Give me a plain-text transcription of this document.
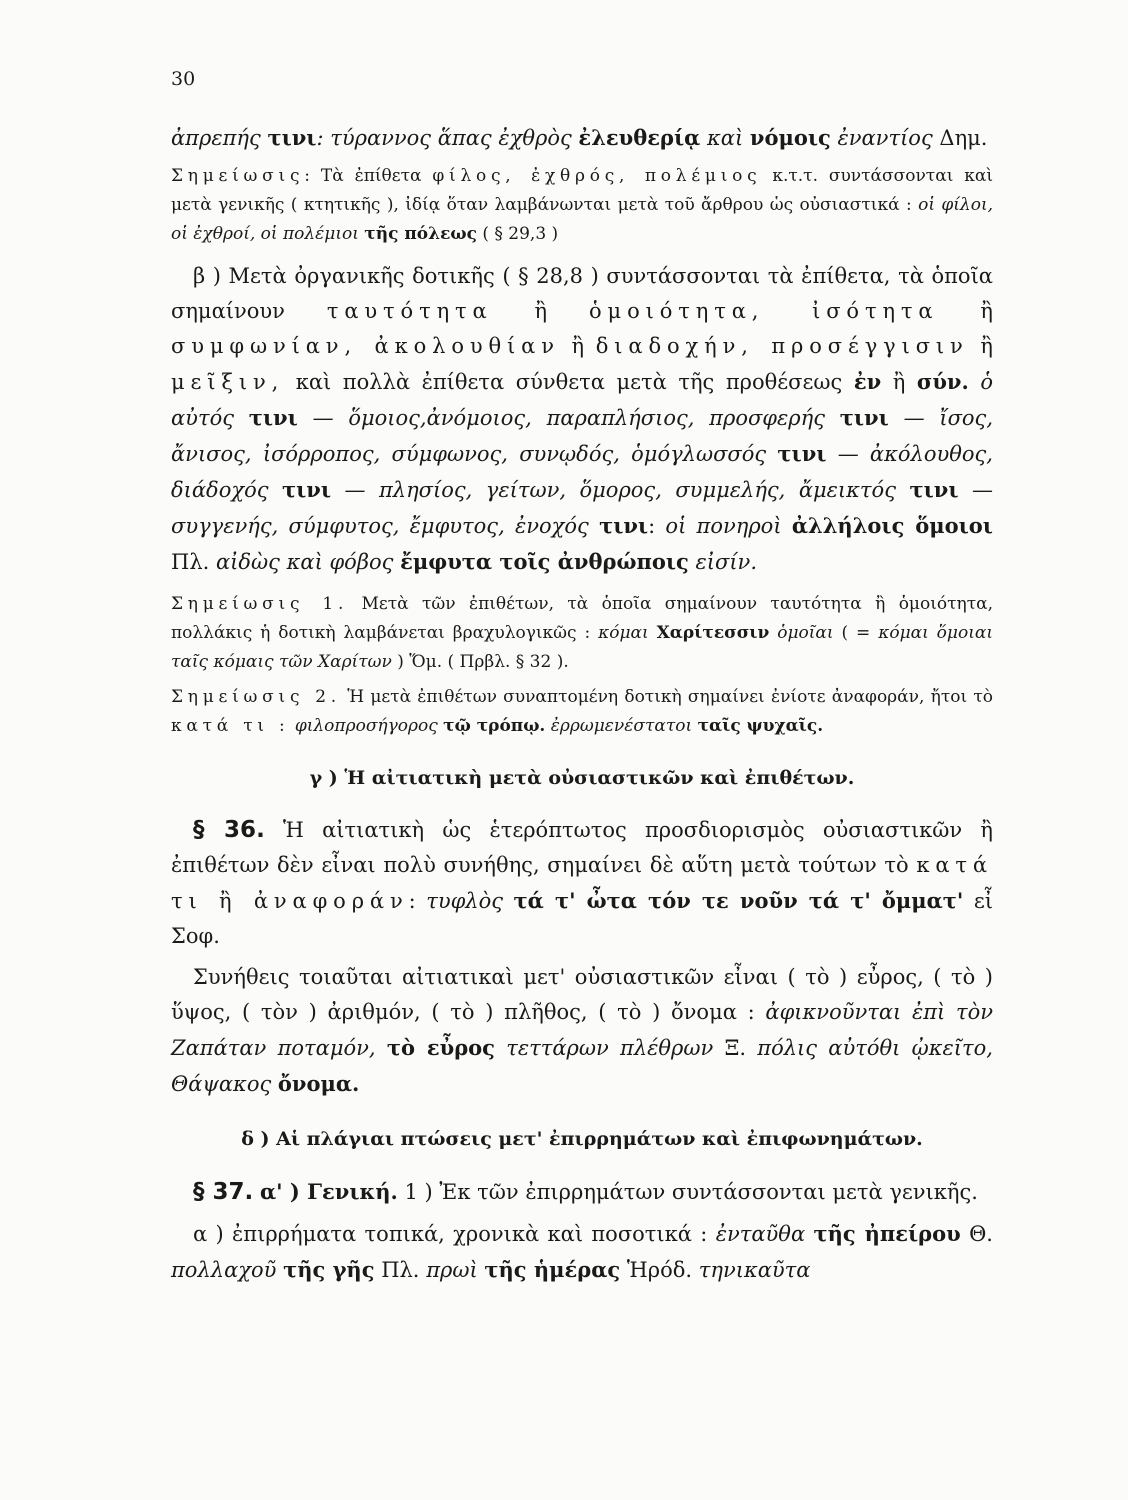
30

ἀπρεπής τινι: τύραννος ἅπας ἐχθρὸς ἐλευθερίᾳ καὶ νόμοις ἐναντίος Δημ.

Σημείωσις: Τὰ ἐπίθετα φίλος, ἐχθρός, πολέμιος κ.τ.τ. συντάσσονται καὶ μετὰ γενικῆς ( κτητικῆς ), ἰδίᾳ ὅταν λαμβάνωνται μετὰ τοῦ ἄρθρου ὡς οὐσιαστικά : οἱ φίλοι, οἱ ἐχθροί, οἱ πολέμιοι τῆς πόλεως ( § 29,3 )

β ) Μετὰ ὀργανικῆς δοτικῆς ( § 28,8 ) συντάσσονται τὰ ἐπίθετα, τὰ ὁποῖα σημαίνουν ταυτότητα ἢ ὁμοιότητα, ἰσότητα ἢ συμφωνίαν, ἀκολουθίαν ἢ διαδοχήν, προσέγγισιν ἢ μεῖξιν, καὶ πολλὰ ἐπίθετα σύνθετα μετὰ τῆς προθέσεως ἐν ἢ σύν. ὁ αὐτός τινι — ὅμοιος,ἀνόμοιος, παραπλήσιος, προσφερής τινι — ἴσος, ἄνισος, ἰσόρροπος, σύμφωνος, συνῳδός, ὁμόγλωσσός τινι — ἀκόλουθος, διάδοχός τινι — πλησίος, γείτων, ὅμορος, συμμελής, ἄμεικτός τινι — συγγενής, σύμφυτος, ἔμφυτος, ἐνοχός τινι: οἱ πονηροὶ ἀλλήλοις ὅμοιοι Πλ. αἰδὼς καὶ φόβος ἔμφυτα τοῖς ἀνθρώποις εἰσίν.

Σημείωσις 1. Μετὰ τῶν ἐπιθέτων, τὰ ὁποῖα σημαίνουν ταυτότητα ἢ ὁμοιότητα, πολλάκις ἡ δοτικὴ λαμβάνεται βραχυλογικῶς : κόμαι Χαρίτεσσιν ὁμοῖαι ( = κόμαι ὅμοιαι ταῖς κόμαις τῶν Χαρίτων ) Ὅμ. ( Πρβλ. § 32 ).

Σημείωσις 2. Ἡ μετὰ ἐπιθέτων συναπτομένη δοτικὴ σημαίνει ἐνίοτε ἀναφοράν, ἤτοι τὸ κατά τι : φιλοπροσήγορος τῷ τρόπῳ. ἐρρωμενέστατοι ταῖς ψυχαῖς.

γ ) Ἡ αἰτιατικὴ μετὰ οὐσιαστικῶν καὶ ἐπιθέτων.

§ 36. Ἡ αἰτιατικὴ ὡς ἑτερόπτωτος προσδιορισμὸς οὐσιαστικῶν ἢ ἐπιθέτων δὲν εἶναι πολὺ συνήθης, σημαίνει δὲ αὕτη μετὰ τούτων τὸ κατά τι ἢ ἀναφοράν: τυφλὸς τά τ' ὦτα τόν τε νοῦν τά τ' ὄμματ' εἶ Σοφ.

Συνήθεις τοιαῦται αἰτιατικαὶ μετ' οὐσιαστικῶν εἶναι ( τὸ ) εὖρος, ( τὸ ) ὕψος, ( τὸν ) ἀριθμόν, ( τὸ ) πλῆθος, ( τὸ ) ὄνομα : ἀφικνοῦνται ἐπὶ τὸν Ζαπάταν ποταμόν, τὸ εὖρος τεττάρων πλέθρων Ξ. πόλις αὐτόθι ᾠκεῖτο, Θάψακος ὄνομα.

δ ) Αἱ πλάγιαι πτώσεις μετ' ἐπιρρημάτων καὶ ἐπιφωνημάτων.

§ 37. α' ) Γενική. 1 ) Ἐκ τῶν ἐπιρρημάτων συντάσσονται μετὰ γενικῆς.

α ) ἐπιρρήματα τοπικά, χρονικὰ καὶ ποσοτικά : ἐνταῦθα τῆς ἠπείρου Θ. πολλαχοῦ τῆς γῆς Πλ. πρωὶ τῆς ἡμέρας Ἡρόδ. τηνικαῦτα
